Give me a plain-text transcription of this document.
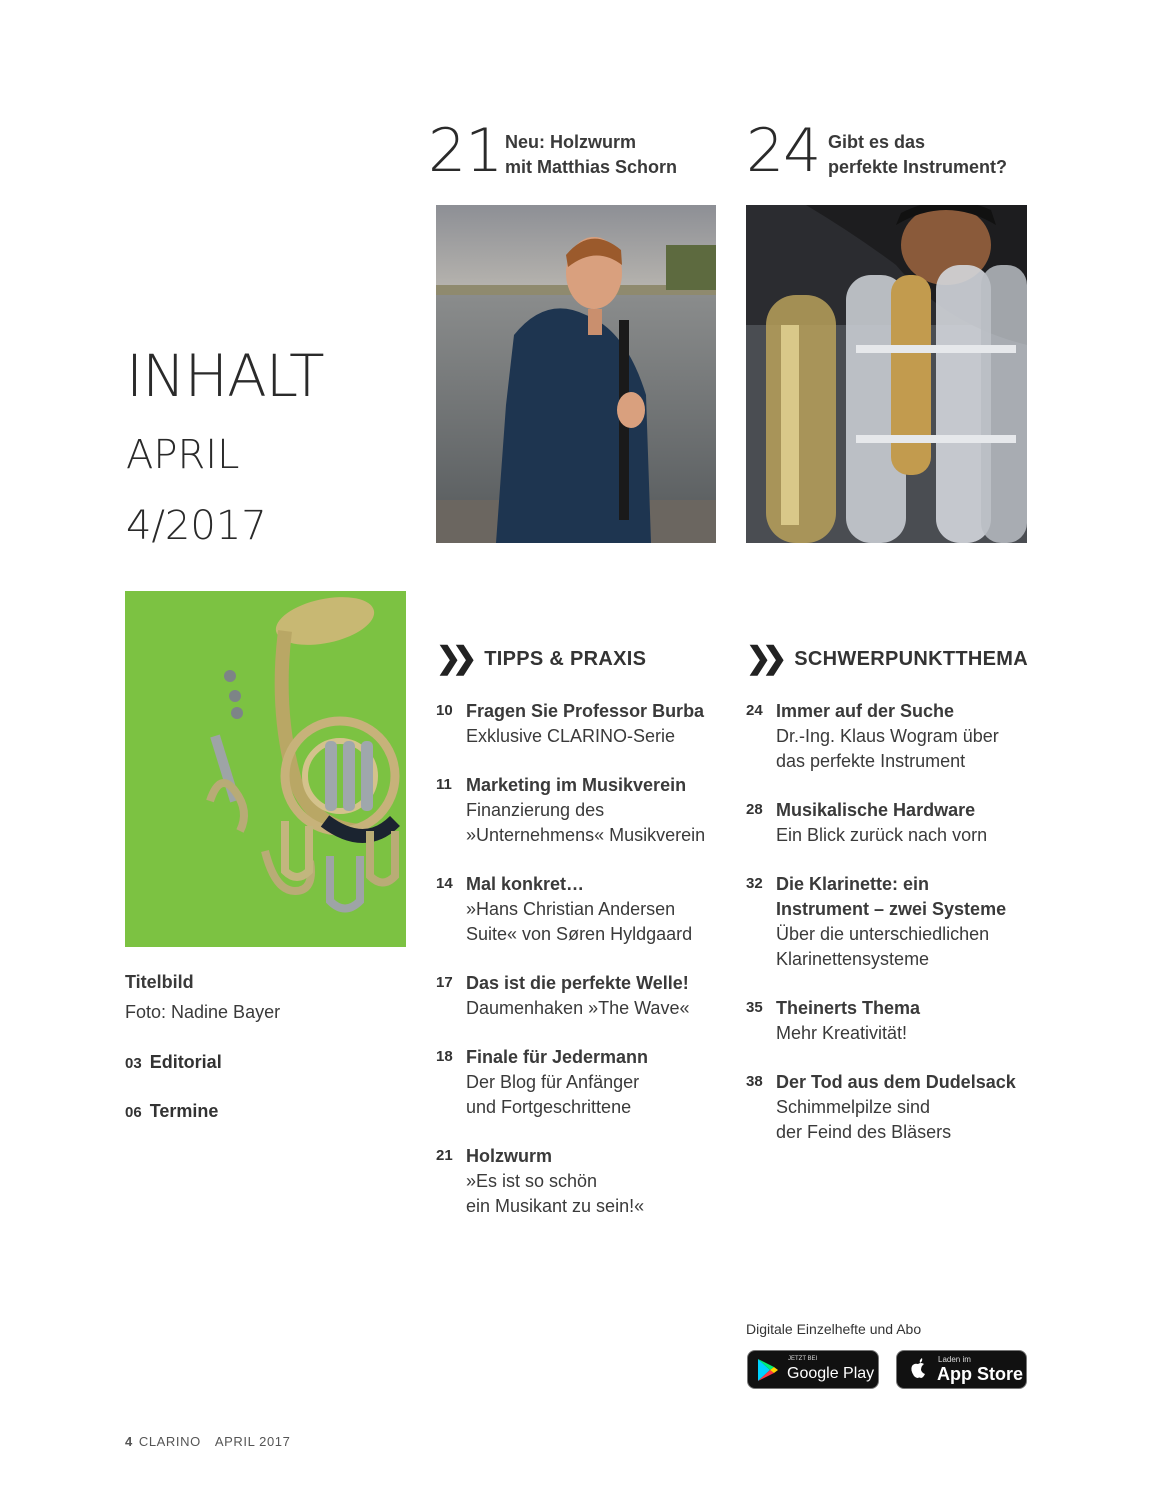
21 Neu: Holzwurm
mit Matthias Schorn 24 Gibt es das
perfekte Instrument?
INHALT
APRIL
4/2017
Titelbild
Foto: Nadine Bayer
03 Editorial
06 Termine
❯❯ TIPPS & PRAXIS	❯❯ SCHWERPUNKTTHEMA
10 Fragen Sie Professor Burba
Exklusive CLARINO-Serie
11 Marketing im Musikverein
Finanzierung des
»Unternehmens« Musikverein
14 Mal konkret…
»Hans Christian Andersen
Suite« von Søren Hyldgaard
17 Das ist die perfekte Welle!
Daumenhaken »The Wave«
18 Finale für Jedermann
Der Blog für Anfänger
und Fortgeschrittene
21 Holzwurm
»Es ist so schön
ein Musikant zu sein!«
24 Immer auf der Suche
Dr.-Ing. Klaus Wogram über
das perfekte Instrument
28 Musikalische Hardware
Ein Blick zurück nach vorn
32 Die Klarinette: ein
Instrument – zwei Systeme
Über die unterschiedlichen
Klarinettensysteme
35 Theinerts Thema
Mehr Kreativität!
38 Der Tod aus dem Dudelsack
Schimmelpilze sind
der Feind des Bläsers
Digitale Einzelhefte und Abo
JETZT BEI
Google Play
Laden im
App Store
4 CLARINO APRIL 2017
